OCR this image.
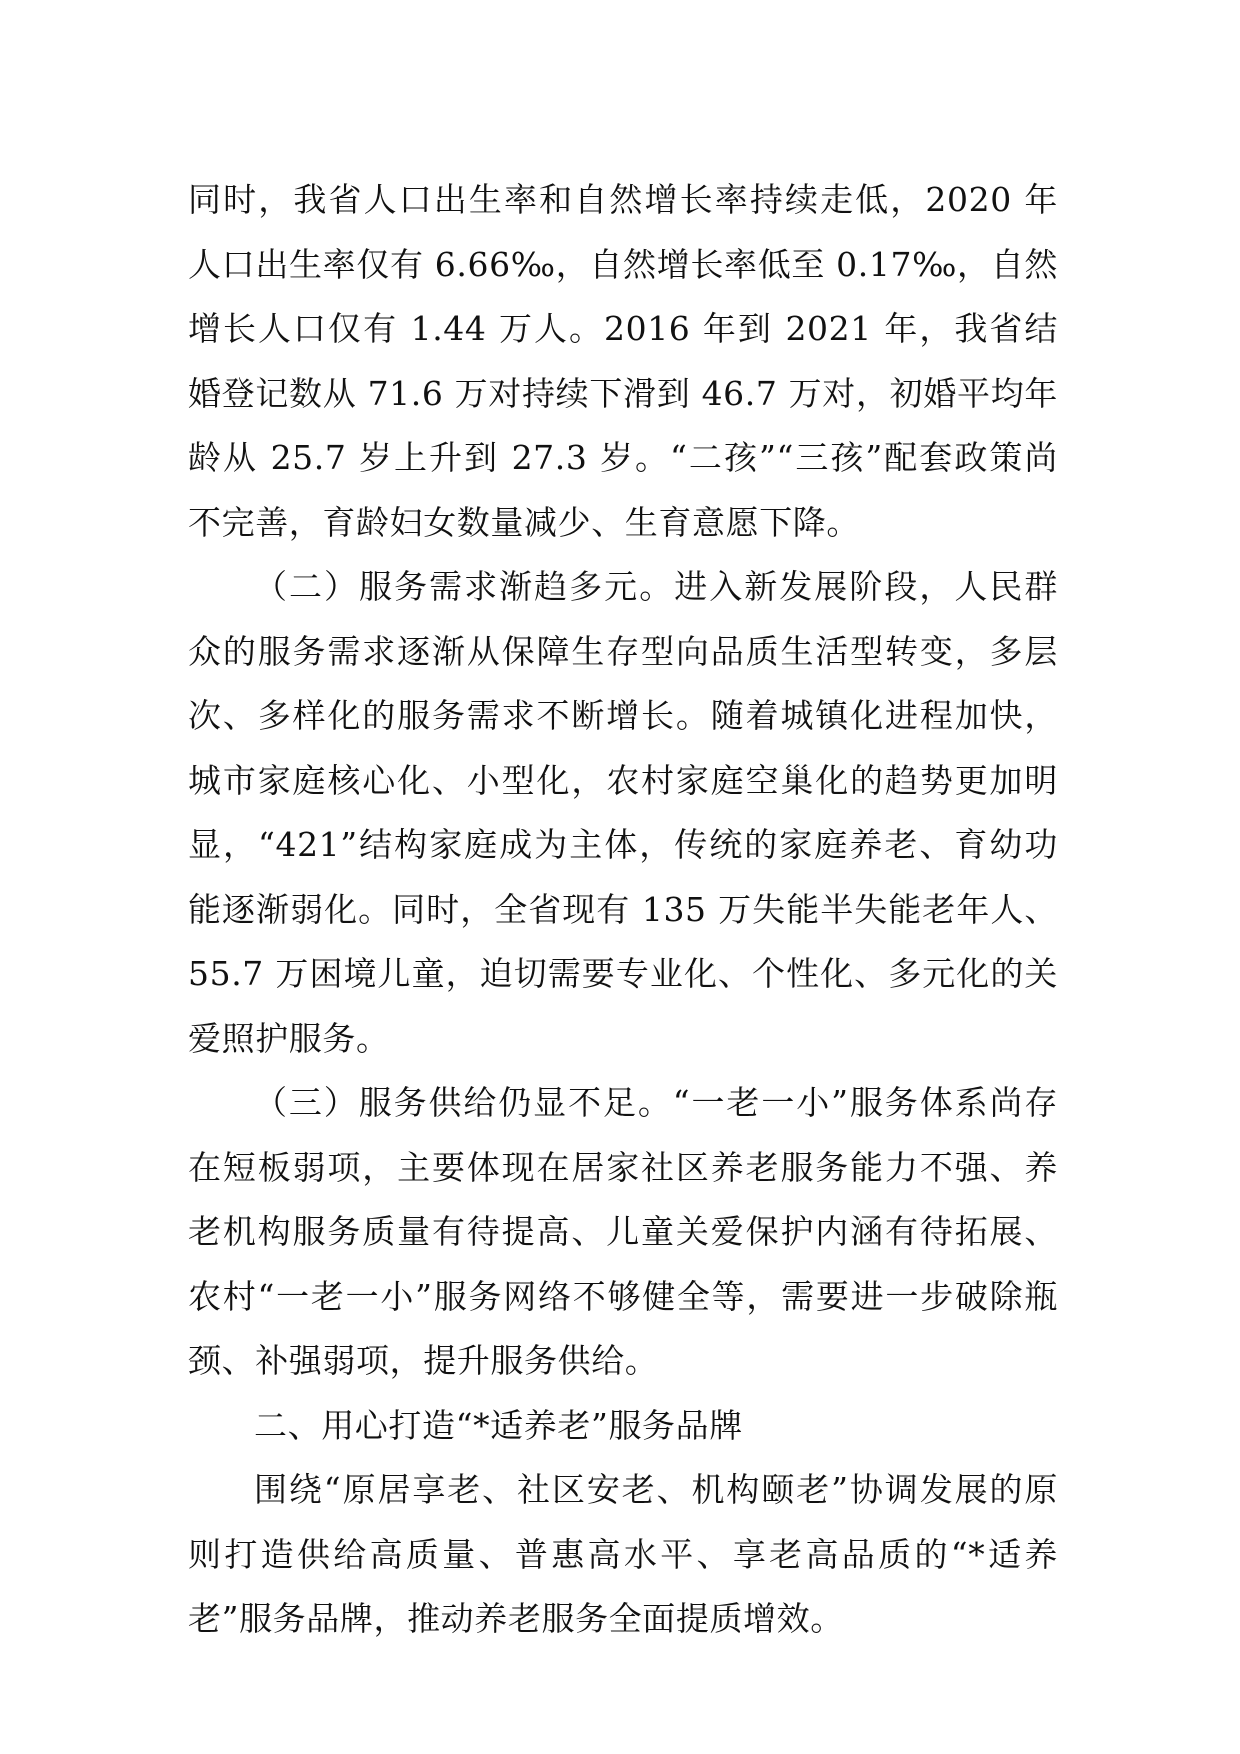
同时，我省人口出生率和自然增长率持续走低，2020 年人口出生率仅有 6.66‰，自然增长率低至 0.17‰，自然增长人口仅有 1.44 万人。2016 年到 2021 年，我省结婚登记数从 71.6 万对持续下滑到 46.7 万对，初婚平均年龄从 25.7 岁上升到 27.3 岁。“二孩”“三孩”配套政策尚不完善，育龄妇女数量减少、生育意愿下降。

（二）服务需求渐趋多元。进入新发展阶段，人民群众的服务需求逐渐从保障生存型向品质生活型转变，多层次、多样化的服务需求不断增长。随着城镇化进程加快，城市家庭核心化、小型化，农村家庭空巢化的趋势更加明显，“421”结构家庭成为主体，传统的家庭养老、育幼功能逐渐弱化。同时，全省现有 135 万失能半失能老年人、55.7 万困境儿童，迫切需要专业化、个性化、多元化的关爱照护服务。

（三）服务供给仍显不足。“一老一小”服务体系尚存在短板弱项，主要体现在居家社区养老服务能力不强、养老机构服务质量有待提高、儿童关爱保护内涵有待拓展、农村“一老一小”服务网络不够健全等，需要进一步破除瓶颈、补强弱项，提升服务供给。

二、用心打造“*适养老”服务品牌

围绕“原居享老、社区安老、机构颐老”协调发展的原则打造供给高质量、普惠高水平、享老高品质的“*适养老”服务品牌，推动养老服务全面提质增效。
